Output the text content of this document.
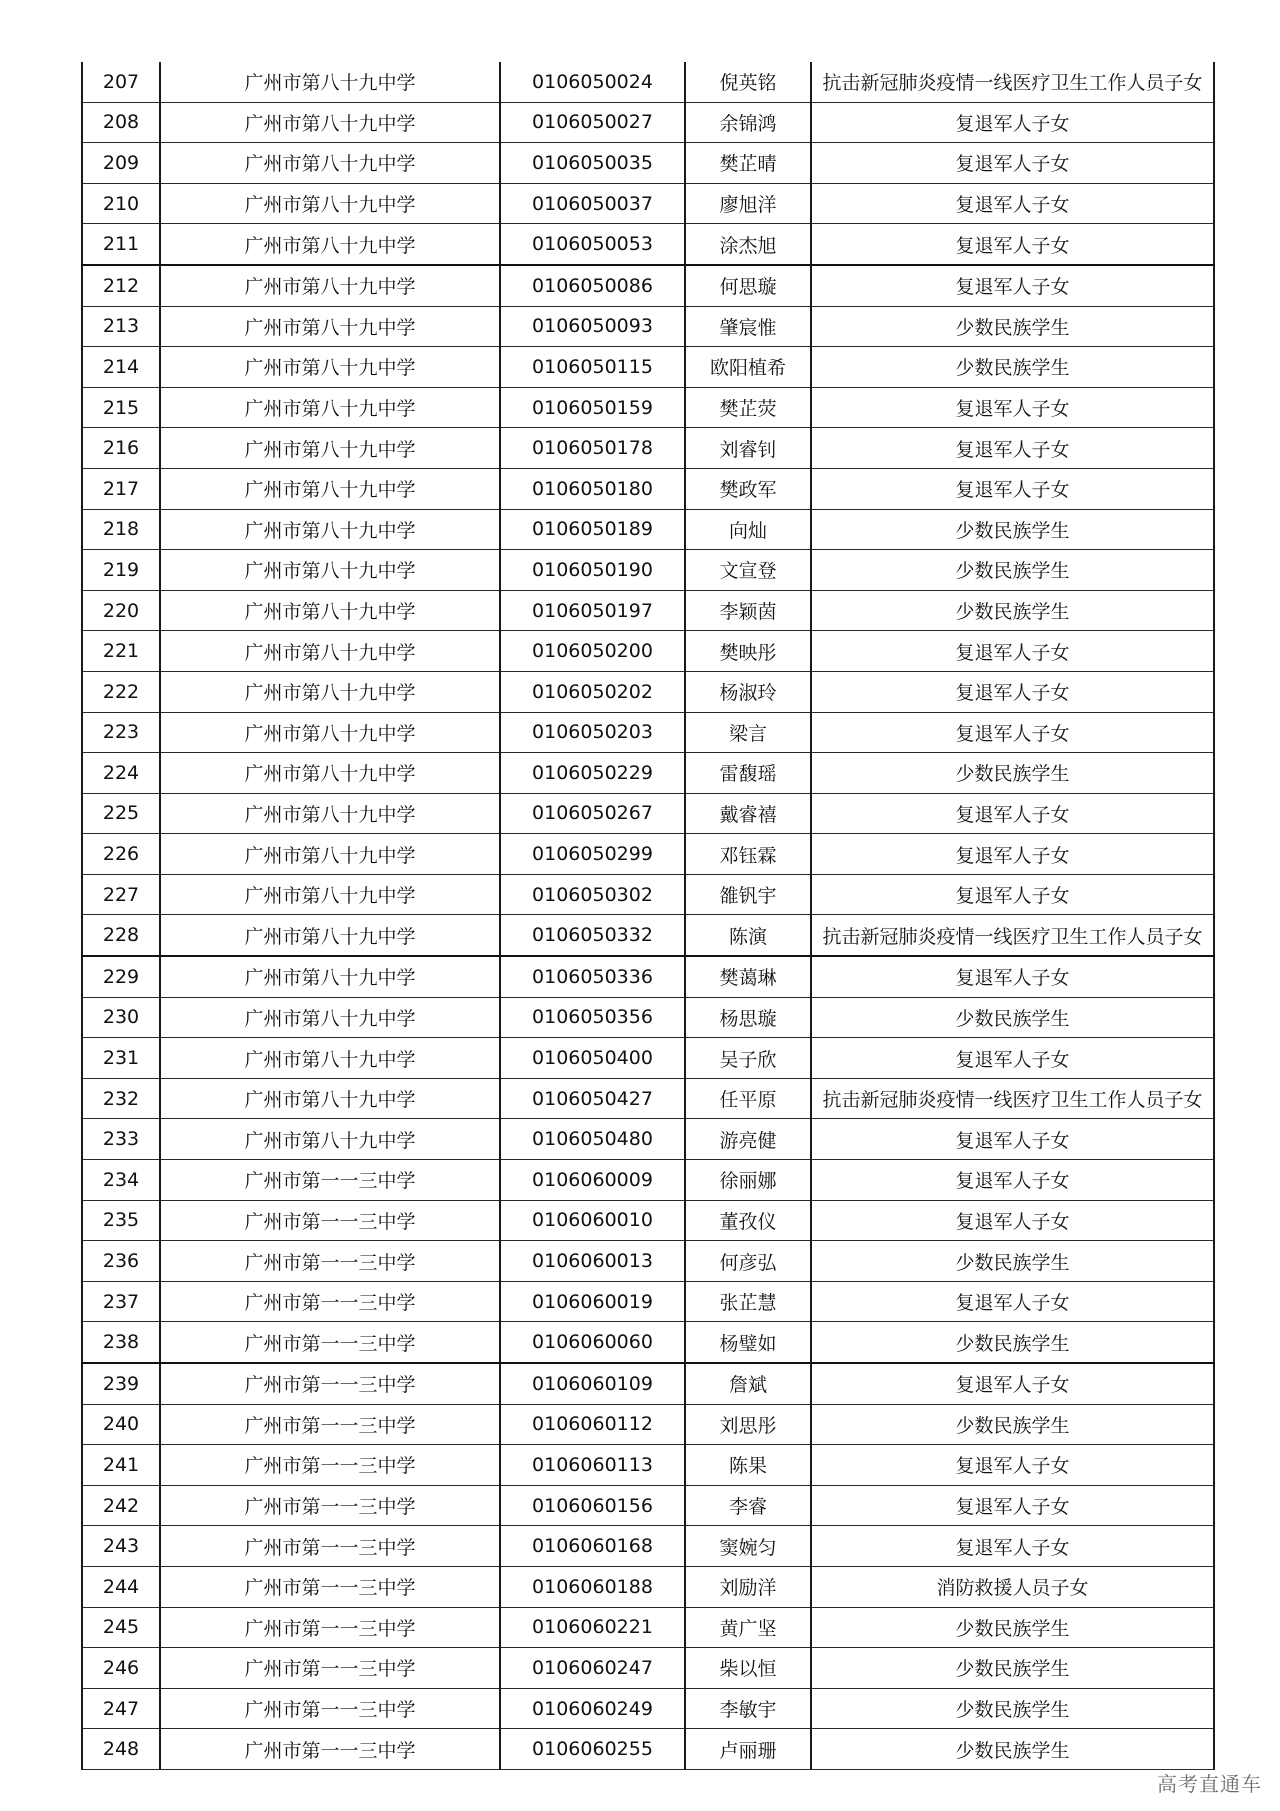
207	广州市第八十九中学	0106050024	倪英铭	抗击新冠肺炎疫情一线医疗卫生工作人员子女
208	广州市第八十九中学	0106050027	余锦鸿	复退军人子女
209	广州市第八十九中学	0106050035	樊芷晴	复退军人子女
210	广州市第八十九中学	0106050037	廖旭洋	复退军人子女
211	广州市第八十九中学	0106050053	涂杰旭	复退军人子女
212	广州市第八十九中学	0106050086	何思璇	复退军人子女
213	广州市第八十九中学	0106050093	肇宸惟	少数民族学生
214	广州市第八十九中学	0106050115	欧阳植希	少数民族学生
215	广州市第八十九中学	0106050159	樊芷荧	复退军人子女
216	广州市第八十九中学	0106050178	刘睿钊	复退军人子女
217	广州市第八十九中学	0106050180	樊政军	复退军人子女
218	广州市第八十九中学	0106050189	向灿	少数民族学生
219	广州市第八十九中学	0106050190	文宣登	少数民族学生
220	广州市第八十九中学	0106050197	李颖茵	少数民族学生
221	广州市第八十九中学	0106050200	樊映彤	复退军人子女
222	广州市第八十九中学	0106050202	杨淑玲	复退军人子女
223	广州市第八十九中学	0106050203	梁言	复退军人子女
224	广州市第八十九中学	0106050229	雷馥瑶	少数民族学生
225	广州市第八十九中学	0106050267	戴睿禧	复退军人子女
226	广州市第八十九中学	0106050299	邓钰霖	复退军人子女
227	广州市第八十九中学	0106050302	雒钒宇	复退军人子女
228	广州市第八十九中学	0106050332	陈演	抗击新冠肺炎疫情一线医疗卫生工作人员子女
229	广州市第八十九中学	0106050336	樊蔼琳	复退军人子女
230	广州市第八十九中学	0106050356	杨思璇	少数民族学生
231	广州市第八十九中学	0106050400	吴子欣	复退军人子女
232	广州市第八十九中学	0106050427	任平原	抗击新冠肺炎疫情一线医疗卫生工作人员子女
233	广州市第八十九中学	0106050480	游亮健	复退军人子女
234	广州市第一一三中学	0106060009	徐丽娜	复退军人子女
235	广州市第一一三中学	0106060010	董孜仪	复退军人子女
236	广州市第一一三中学	0106060013	何彦弘	少数民族学生
237	广州市第一一三中学	0106060019	张芷慧	复退军人子女
238	广州市第一一三中学	0106060060	杨璧如	少数民族学生
239	广州市第一一三中学	0106060109	詹斌	复退军人子女
240	广州市第一一三中学	0106060112	刘思彤	少数民族学生
241	广州市第一一三中学	0106060113	陈果	复退军人子女
242	广州市第一一三中学	0106060156	李睿	复退军人子女
243	广州市第一一三中学	0106060168	窦婉匀	复退军人子女
244	广州市第一一三中学	0106060188	刘励洋	消防救援人员子女
245	广州市第一一三中学	0106060221	黄广坚	少数民族学生
246	广州市第一一三中学	0106060247	柴以恒	少数民族学生
247	广州市第一一三中学	0106060249	李敏宇	少数民族学生
248	广州市第一一三中学	0106060255	卢丽珊	少数民族学生
高考直通车
